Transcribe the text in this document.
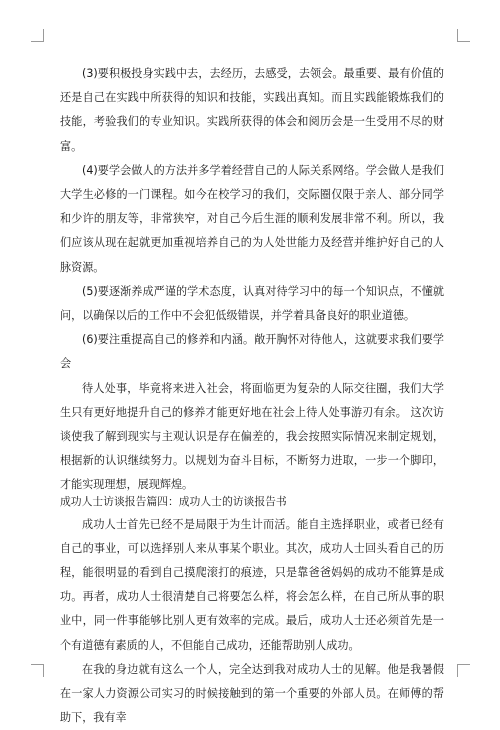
(3)要积极投身实践中去，去经历，去感受，去领会。最重要、最有价值的还是自己在实践中所获得的知识和技能，实践出真知。而且实践能锻炼我们的技能，考验我们的专业知识。实践所获得的体会和阅历会是一生受用不尽的财富。

(4)要学会做人的方法并多学着经营自己的人际关系网络。学会做人是我们大学生必修的一门课程。如今在校学习的我们，交际圈仅限于亲人、部分同学和少许的朋友等，非常狭窄，对自己今后生涯的顺利发展非常不利。所以，我们应该从现在起就更加重视培养自己的为人处世能力及经营并维护好自己的人脉资源。

(5)要逐渐养成严谨的学术态度，认真对待学习中的每一个知识点，不懂就问，以确保以后的工作中不会犯低级错误，并学着具备良好的职业道德。

(6)要注重提高自己的修养和内涵。敞开胸怀对待他人，这就要求我们要学会

待人处事，毕竟将来进入社会，将面临更为复杂的人际交往圈，我们大学生只有更好地提升自己的修养才能更好地在社会上待人处事游刃有余。 这次访谈使我了解到现实与主观认识是存在偏差的，我会按照实际情况来制定规划，根据新的认识继续努力。以规划为奋斗目标，不断努力进取，一步一个脚印，才能实现理想，展现辉煌。

成功人士访谈报告篇四：成功人士的访谈报告书

成功人士首先已经不是局限于为生计而活。能自主选择职业，或者已经有自己的事业，可以选择别人来从事某个职业。其次，成功人士回头看自己的历程，能很明显的看到自己摸爬滚打的痕迹，只是靠爸爸妈妈的成功不能算是成功。再者，成功人士很清楚自己将要怎么样，将会怎么样，在自己所从事的职业中，同一件事能够比别人更有效率的完成。最后，成功人士还必须首先是一个有道德有素质的人，不但能自己成功，还能帮助别人成功。

在我的身边就有这么一个人，完全达到我对成功人士的见解。他是我暑假在一家人力资源公司实习的时候接触到的第一个重要的外部人员。在师傅的帮助下，我有幸
